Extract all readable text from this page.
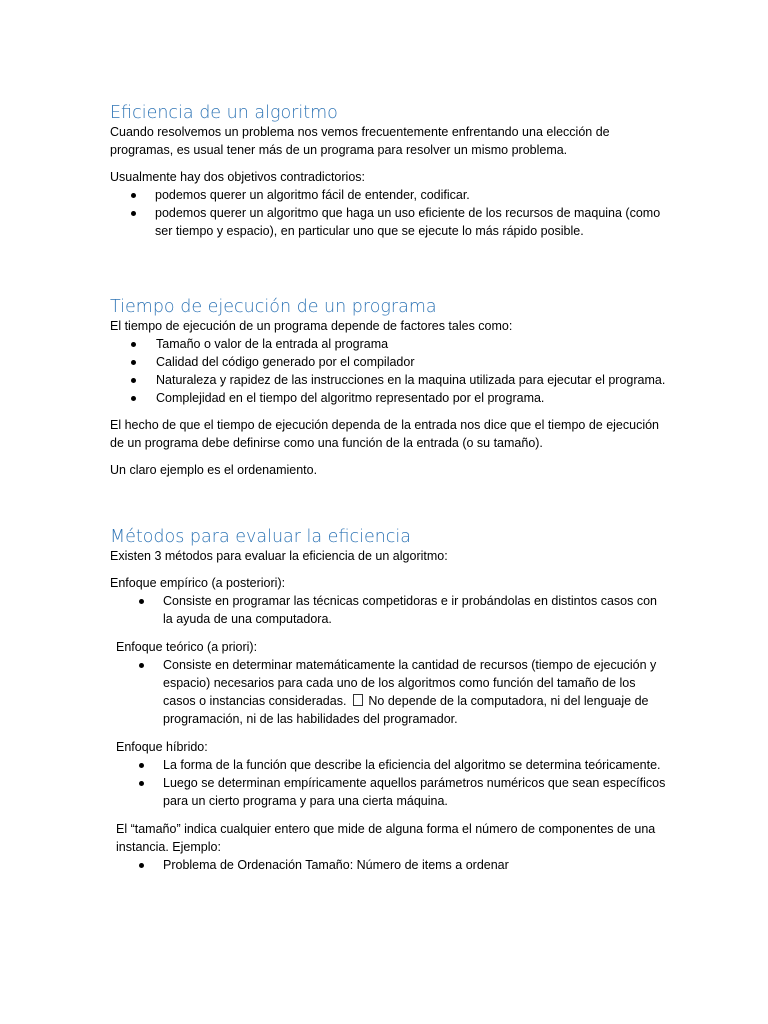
Eficiencia de un algoritmo

Cuando resolvemos un problema nos vemos frecuentemente enfrentando una elección de programas, es usual tener más de un programa para resolver un mismo problema.

Usualmente hay dos objetivos contradictorios:

podemos querer un algoritmo fácil de entender, codificar.
podemos querer un algoritmo que haga un uso eficiente de los recursos de maquina (como ser tiempo y espacio), en particular uno que se ejecute lo más rápido posible.
Tiempo de ejecución de un programa

El tiempo de ejecución de un programa depende de factores tales como:

Tamaño o valor de la entrada al programa
Calidad del código generado por el compilador
Naturaleza y rapidez de las instrucciones en la maquina utilizada para ejecutar el programa.
Complejidad en el tiempo del algoritmo representado por el programa.

El hecho de que el tiempo de ejecución dependa de la entrada nos dice que el tiempo de ejecución de un programa debe definirse como una función de la entrada (o su tamaño).

Un claro ejemplo es el ordenamiento.

Métodos para evaluar la eficiencia

Existen 3 métodos para evaluar la eficiencia de un algoritmo:

Enfoque empírico (a posteriori):

Consiste en programar las técnicas competidoras e ir probándolas en distintos casos con la ayuda de una computadora.

Enfoque teórico (a priori):

Consiste en determinar matemáticamente la cantidad de recursos (tiempo de ejecución y espacio) necesarios para cada uno de los algoritmos como función del tamaño de los casos o instancias consideradas. No depende de la computadora, ni del lenguaje de programación, ni de las habilidades del programador.

Enfoque híbrido:

La forma de la función que describe la eficiencia del algoritmo se determina teóricamente.
Luego se determinan empíricamente aquellos parámetros numéricos que sean específicos para un cierto programa y para una cierta máquina.

El “tamaño” indica cualquier entero que mide de alguna forma el número de componentes de una instancia. Ejemplo:

Problema de Ordenación Tamaño: Número de items a ordenar
